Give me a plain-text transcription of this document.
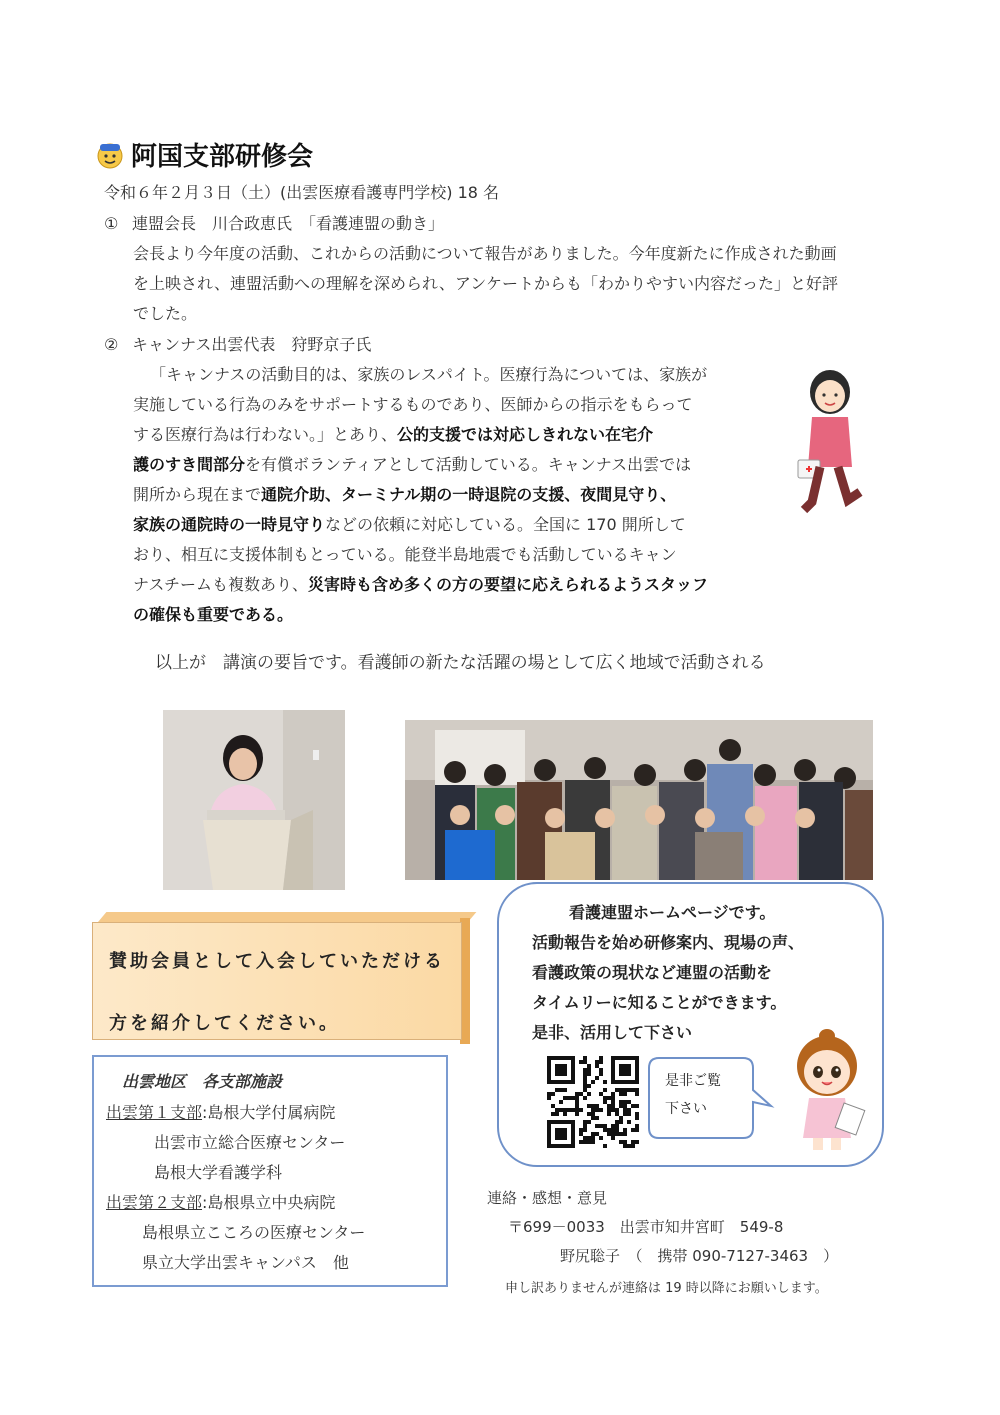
阿国支部研修会
令和６年２月３日（土）(出雲医療看護専門学校) 18 名
① 連盟会長　川合政恵氏　「看護連盟の動き」
会長より今年度の活動、これからの活動について報告がありました。今年度新たに作成された動画
を上映され、連盟活動への理解を深められ、アンケートからも「わかりやすい内容だった」と好評
でした。
② キャンナス出雲代表　狩野京子氏
「キャンナスの活動目的は、家族のレスパイト。医療行為については、家族が
実施している行為のみをサポートするものであり、医師からの指示をもらって
する医療行為は行わない。」とあり、公的支援では対応しきれない在宅介
護のすき間部分を有償ボランティアとして活動している。キャンナス出雲では
開所から現在まで通院介助、ターミナル期の一時退院の支援、夜間見守り、
家族の通院時の一時見守りなどの依頼に対応している。全国に 170 開所して
おり、相互に支援体制もとっている。能登半島地震でも活動しているキャン
ナスチームも複数あり、災害時も含め多くの方の要望に応えられるようスタッフ
の確保も重要である。
以上が　講演の要旨です。看護師の新たな活躍の場として広く地域で活動される
賛助会員として入会していただける
方を紹介してください。
出雲地区　各支部施設
出雲第１支部:島根大学付属病院
出雲市立総合医療センター
島根大学看護学科
出雲第２支部:島根県立中央病院
島根県立こころの医療センター
県立大学出雲キャンパス　他
看護連盟ホームページです。
活動報告を始め研修案内、現場の声、
看護政策の現状など連盟の活動を
タイムリーに知ることができます。
是非、活用して下さい
是非ご覧
下さい
連絡・感想・意見
〒699－0033　出雲市知井宮町　549-8
野尻聡子　（　携帯 090-7127-3463　）
申し訳ありませんが連絡は 19 時以降にお願いします。
